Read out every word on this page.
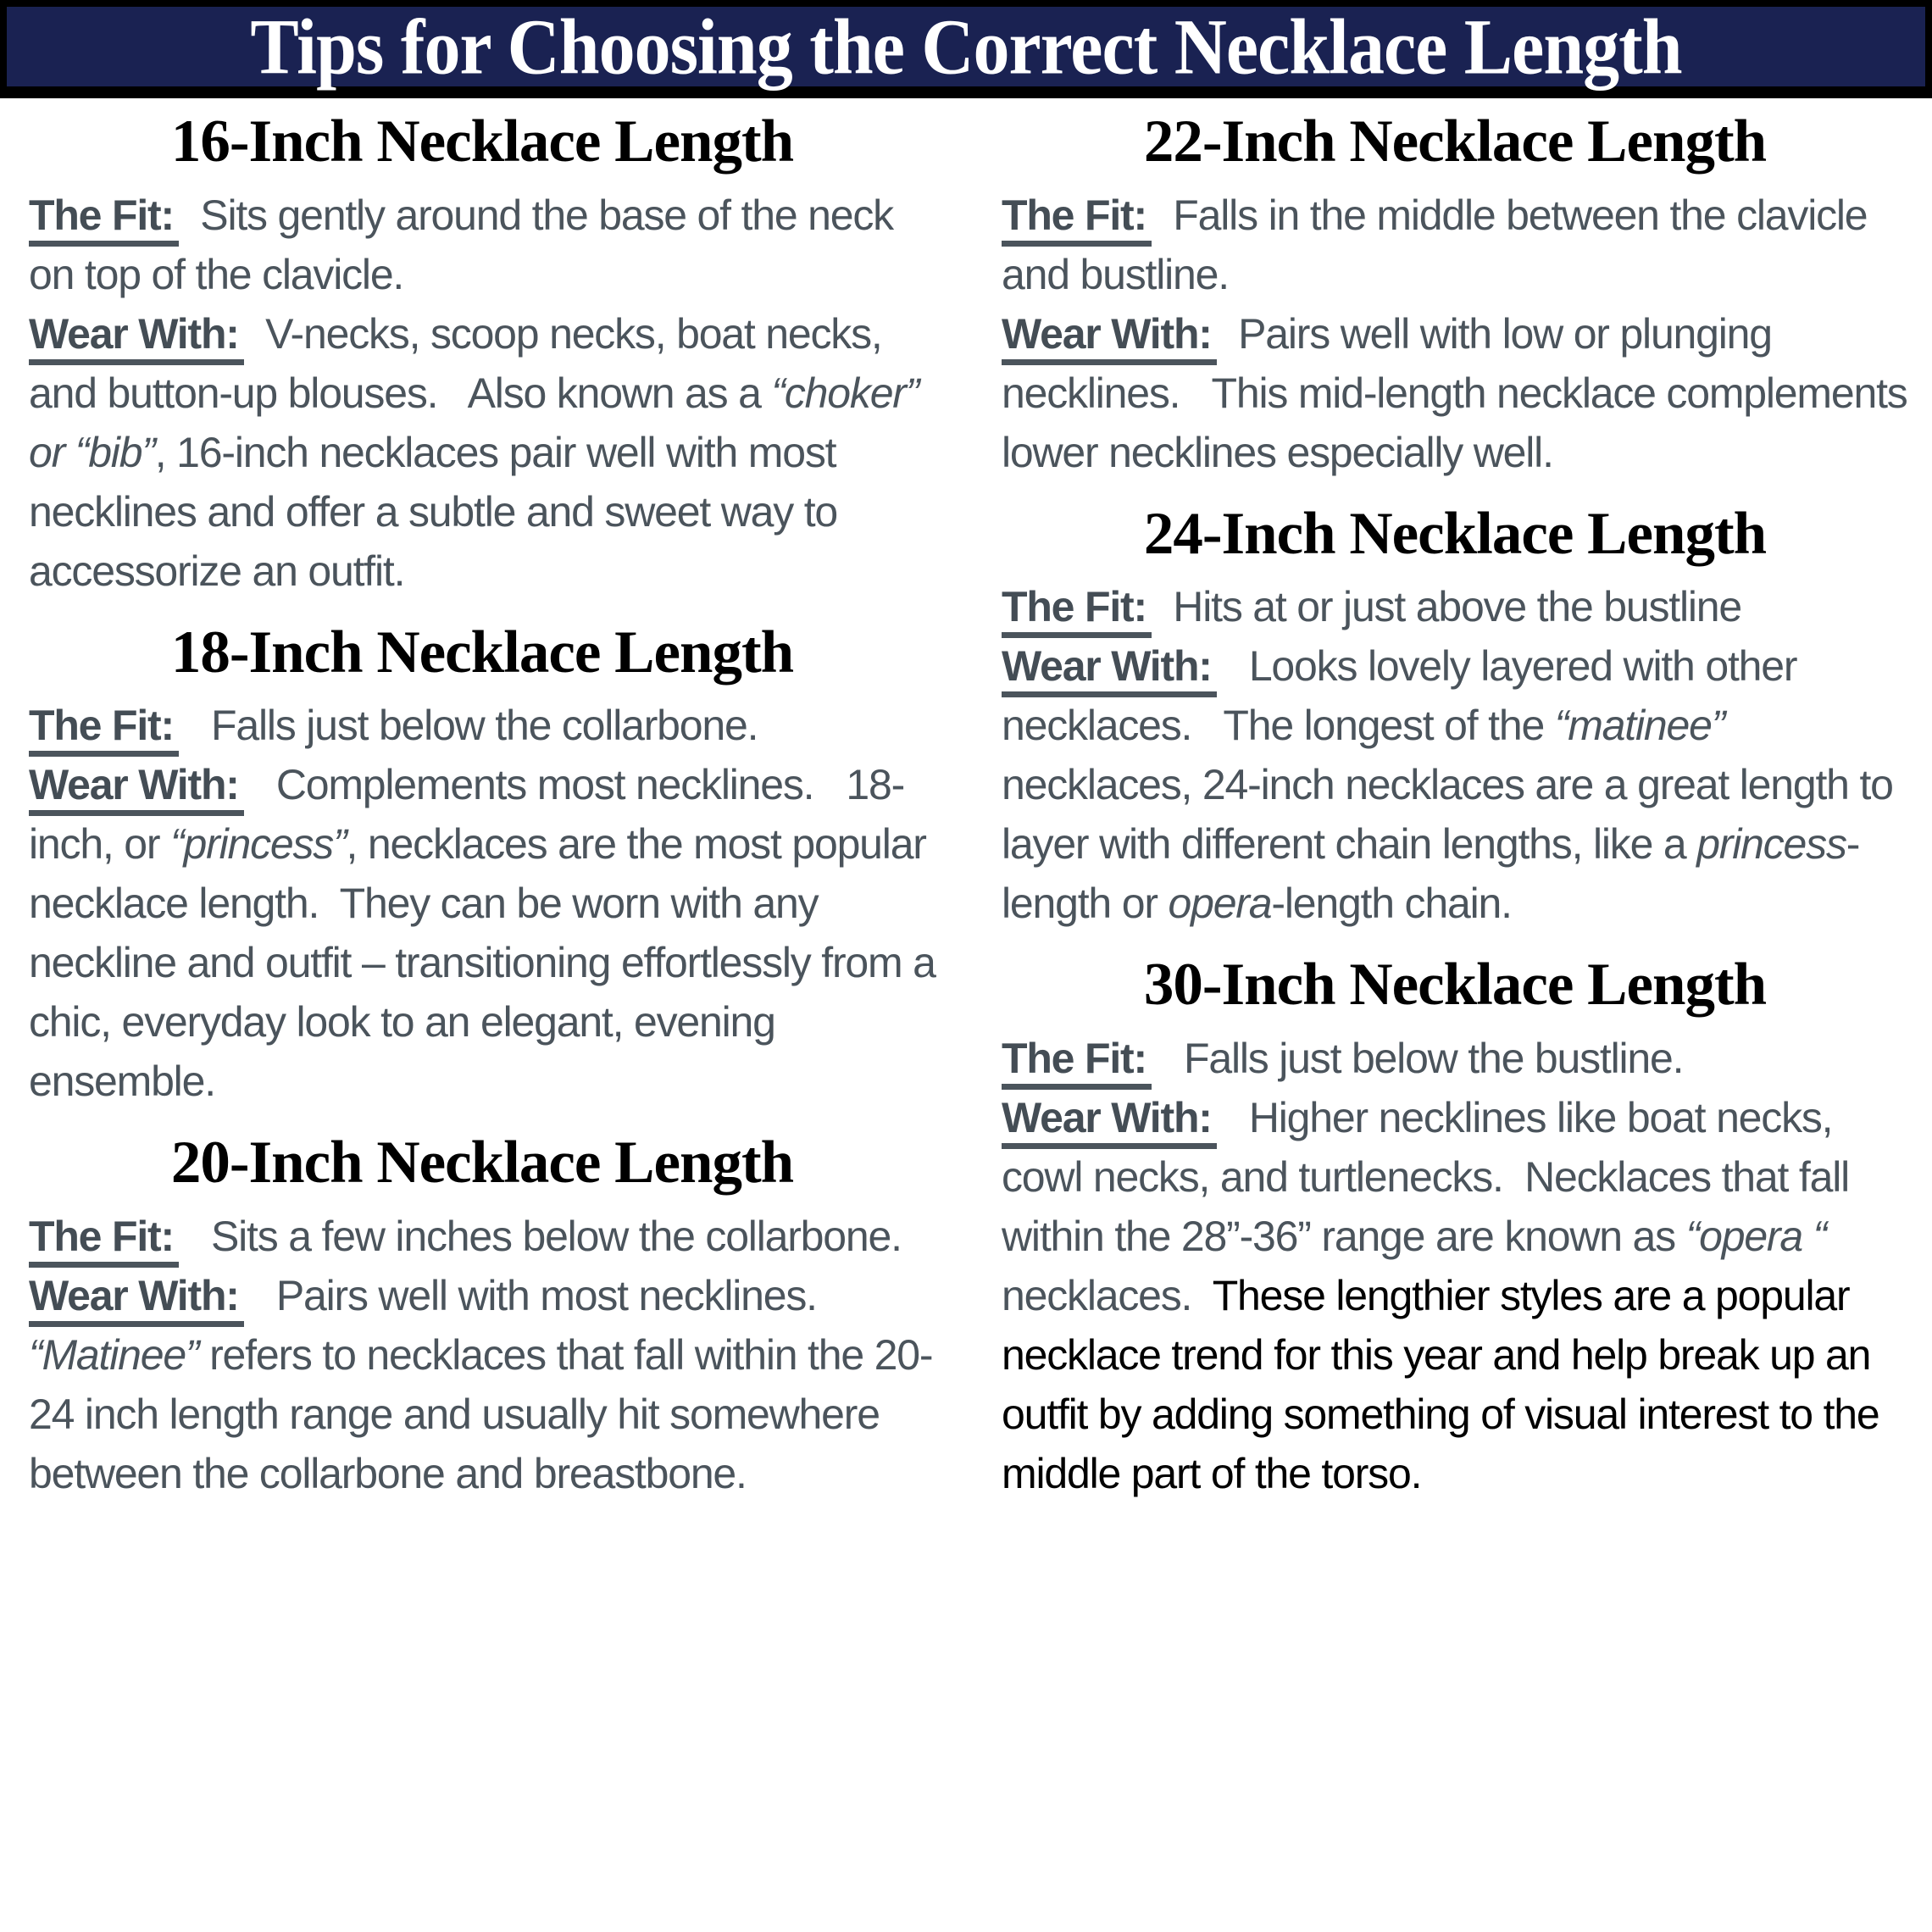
Tips for Choosing the Correct Necklace Length
16-Inch Necklace Length

The Fit:  Sits gently around the base of the neck on top of the clavicle.

Wear With:  V-necks, scoop necks, boat necks, and button-up blouses.   Also known as a “choker” or “bib”, 16-inch necklaces pair well with most necklines and offer a subtle and sweet way to accessorize an outfit.

18-Inch Necklace Length

The Fit:   Falls just below the collarbone.

Wear With:   Complements most necklines.   18-inch, or “princess”, necklaces are the most popular necklace length.  They can be worn with any neckline and outfit – transitioning effortlessly from a chic, everyday look to an elegant, evening ensemble.

20-Inch Necklace Length

The Fit:   Sits a few inches below the collarbone.

Wear With:   Pairs well with most necklines.   “Matinee” refers to necklaces that fall within the 20-24 inch length range and usually hit somewhere between the collarbone and breastbone.

22-Inch Necklace Length

The Fit:  Falls in the middle between the clavicle and bustline.

Wear With:  Pairs well with low or plunging necklines.   This mid-length necklace complements lower necklines especially well.

24-Inch Necklace Length

The Fit:  Hits at or just above the bustline

Wear With:   Looks lovely layered with other necklaces.   The longest of the “matinee” necklaces, 24-inch necklaces are a great length to layer with different chain lengths, like a princess-length or opera-length chain.

30-Inch Necklace Length

The Fit:   Falls just below the bustline.

Wear With:   Higher necklines like boat necks, cowl necks, and turtlenecks.  Necklaces that fall within the 28”-36” range are known as “opera “ necklaces.  These lengthier styles are a popular necklace trend for this year and help break up an outfit by adding something of visual interest to the middle part of the torso.
